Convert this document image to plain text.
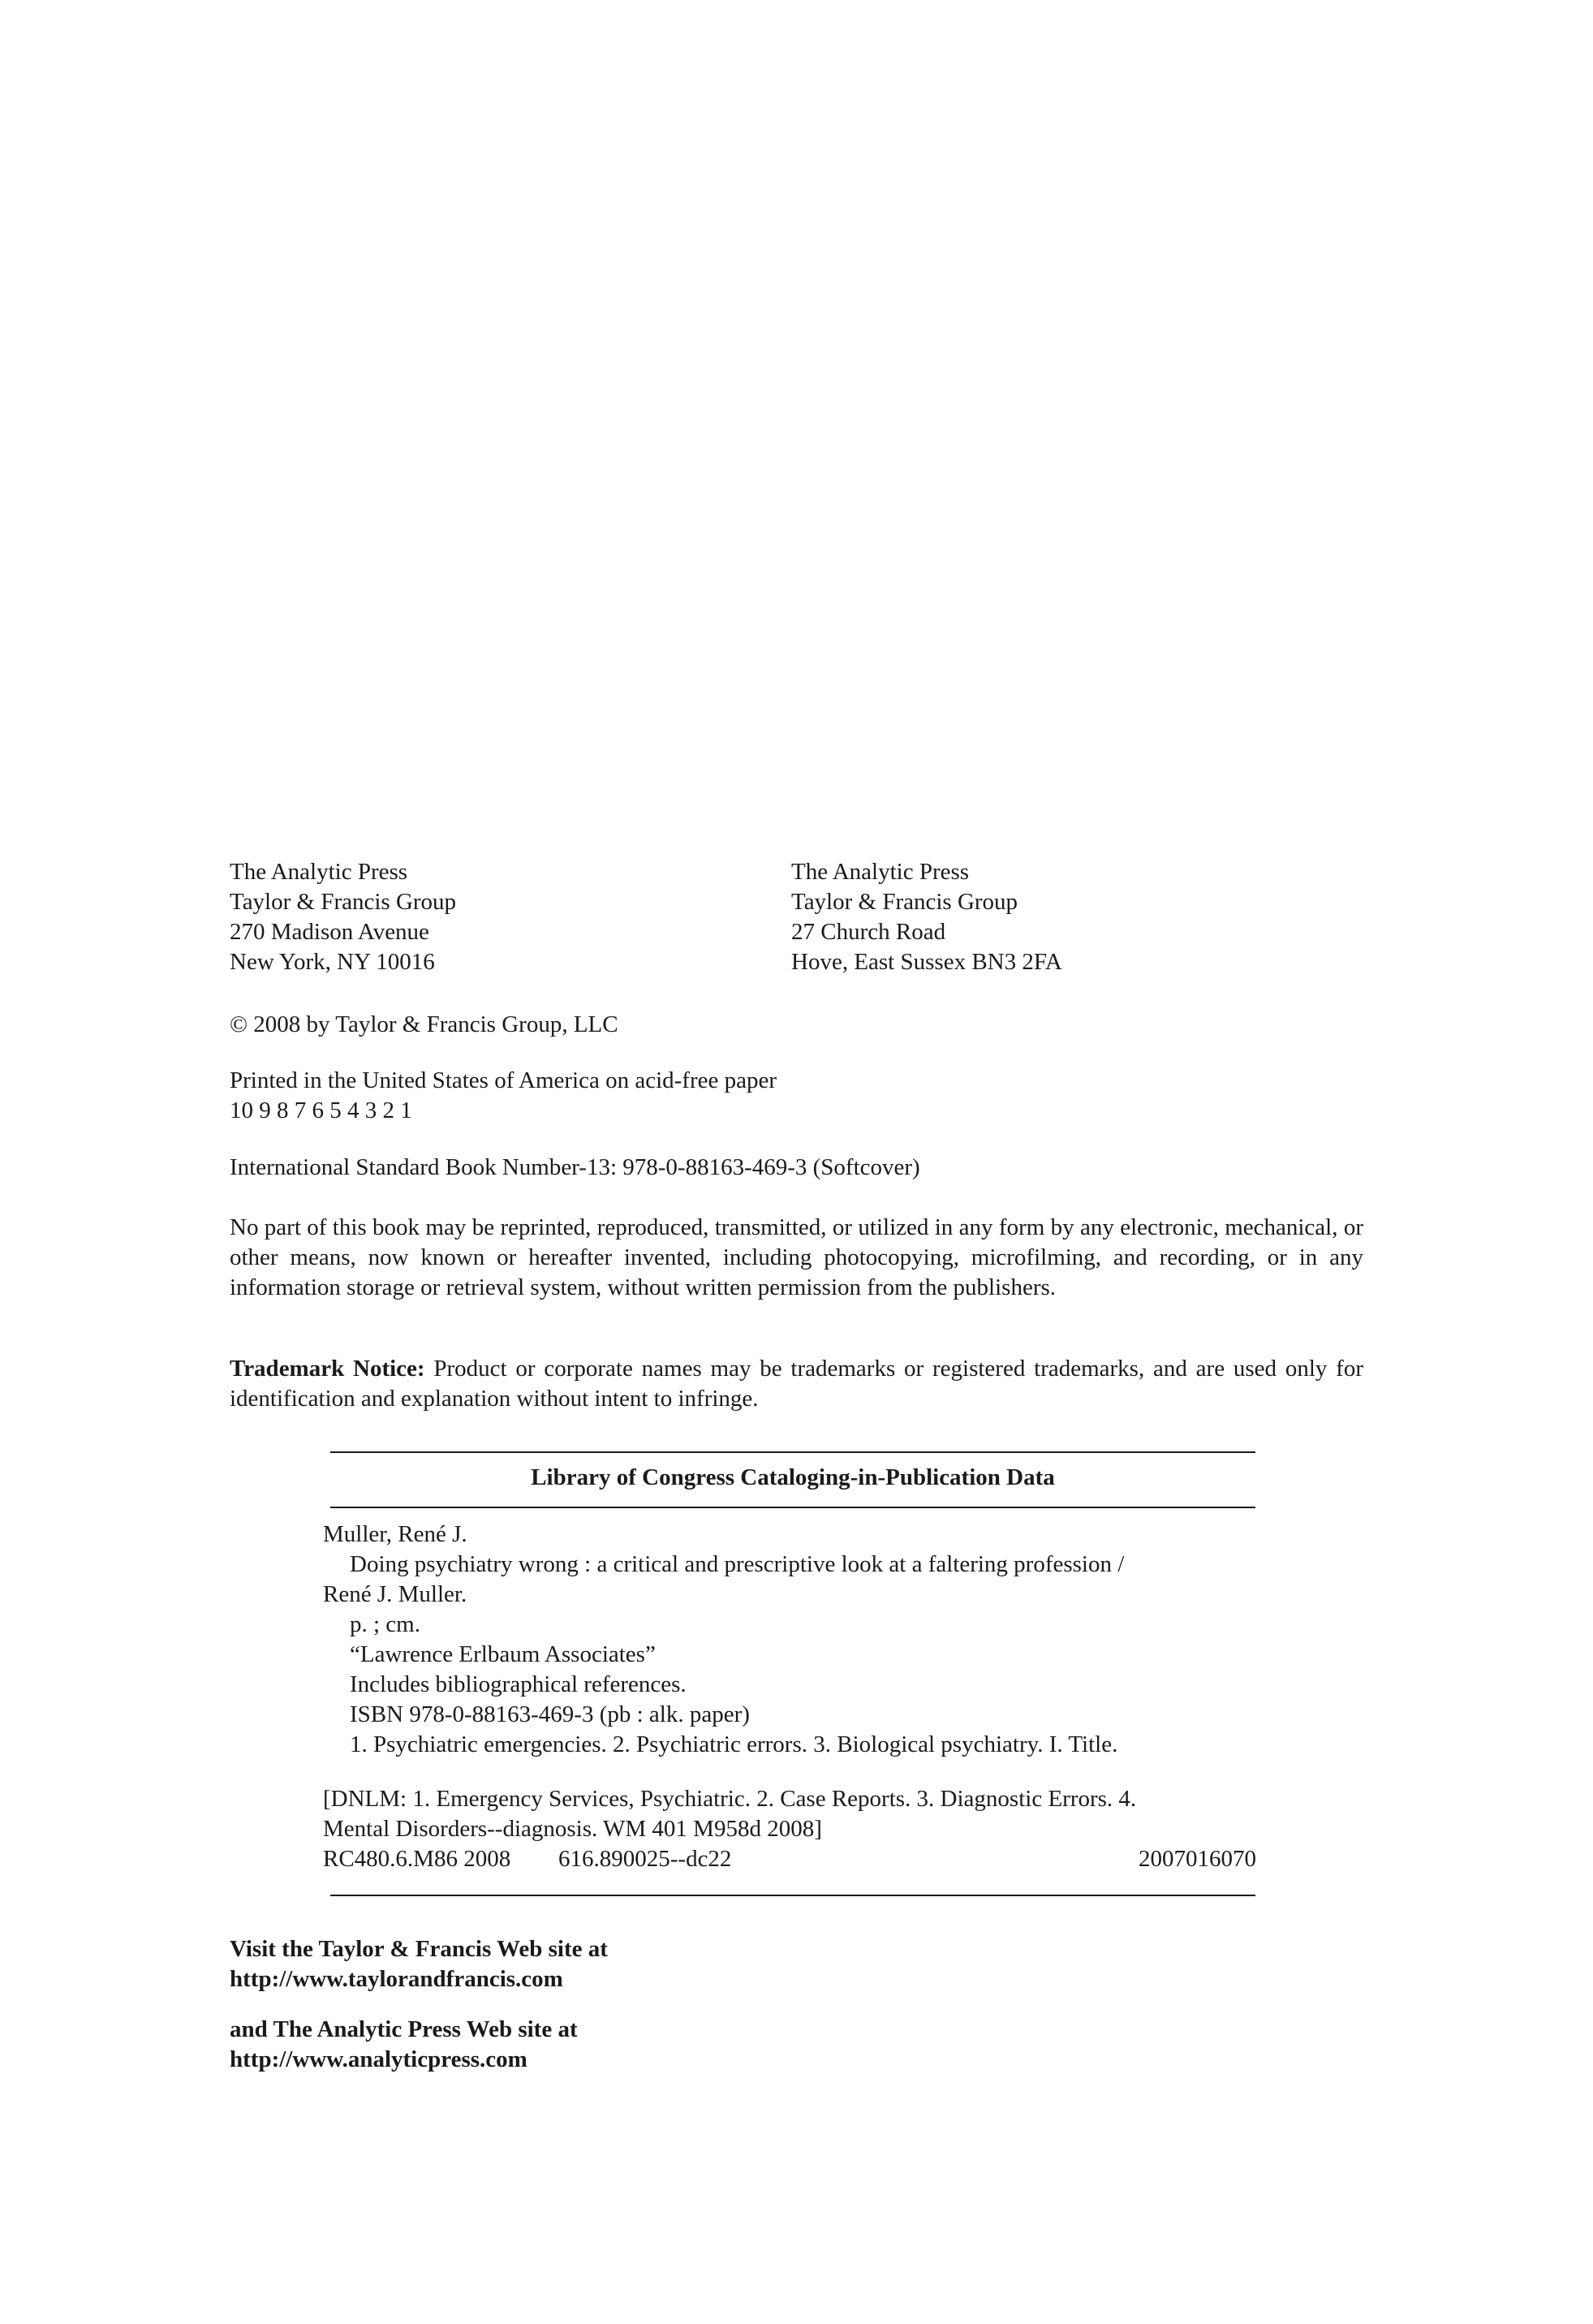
The Analytic Press
Taylor & Francis Group
270 Madison Avenue
New York, NY 10016
The Analytic Press
Taylor & Francis Group
27 Church Road
Hove, East Sussex BN3 2FA
© 2008 by Taylor & Francis Group, LLC
Printed in the United States of America on acid-free paper
10 9 8 7 6 5 4 3 2 1
International Standard Book Number-13: 978-0-88163-469-3 (Softcover)
No part of this book may be reprinted, reproduced, transmitted, or utilized in any form by any electronic, mechanical, or other means, now known or hereafter invented, including photocopying, microfilming, and recording, or in any information storage or retrieval system, without written permission from the publishers.
Trademark Notice: Product or corporate names may be trademarks or registered trademarks, and are used only for identification and explanation without intent to infringe.
Library of Congress Cataloging-in-Publication Data
Muller, René J.
Doing psychiatry wrong : a critical and prescriptive look at a faltering profession /
René J. Muller.
p. ; cm.
“Lawrence Erlbaum Associates”
Includes bibliographical references.
ISBN 978-0-88163-469-3 (pb : alk. paper)
1. Psychiatric emergencies. 2. Psychiatric errors. 3. Biological psychiatry. I. Title.
[DNLM: 1. Emergency Services, Psychiatric. 2. Case Reports. 3. Diagnostic Errors. 4.
Mental Disorders--diagnosis. WM 401 M958d 2008]
RC480.6.M86 2008 616.890025--dc22	2007016070
Visit the Taylor & Francis Web site at
http://www.taylorandfrancis.com
and The Analytic Press Web site at
http://www.analyticpress.com
